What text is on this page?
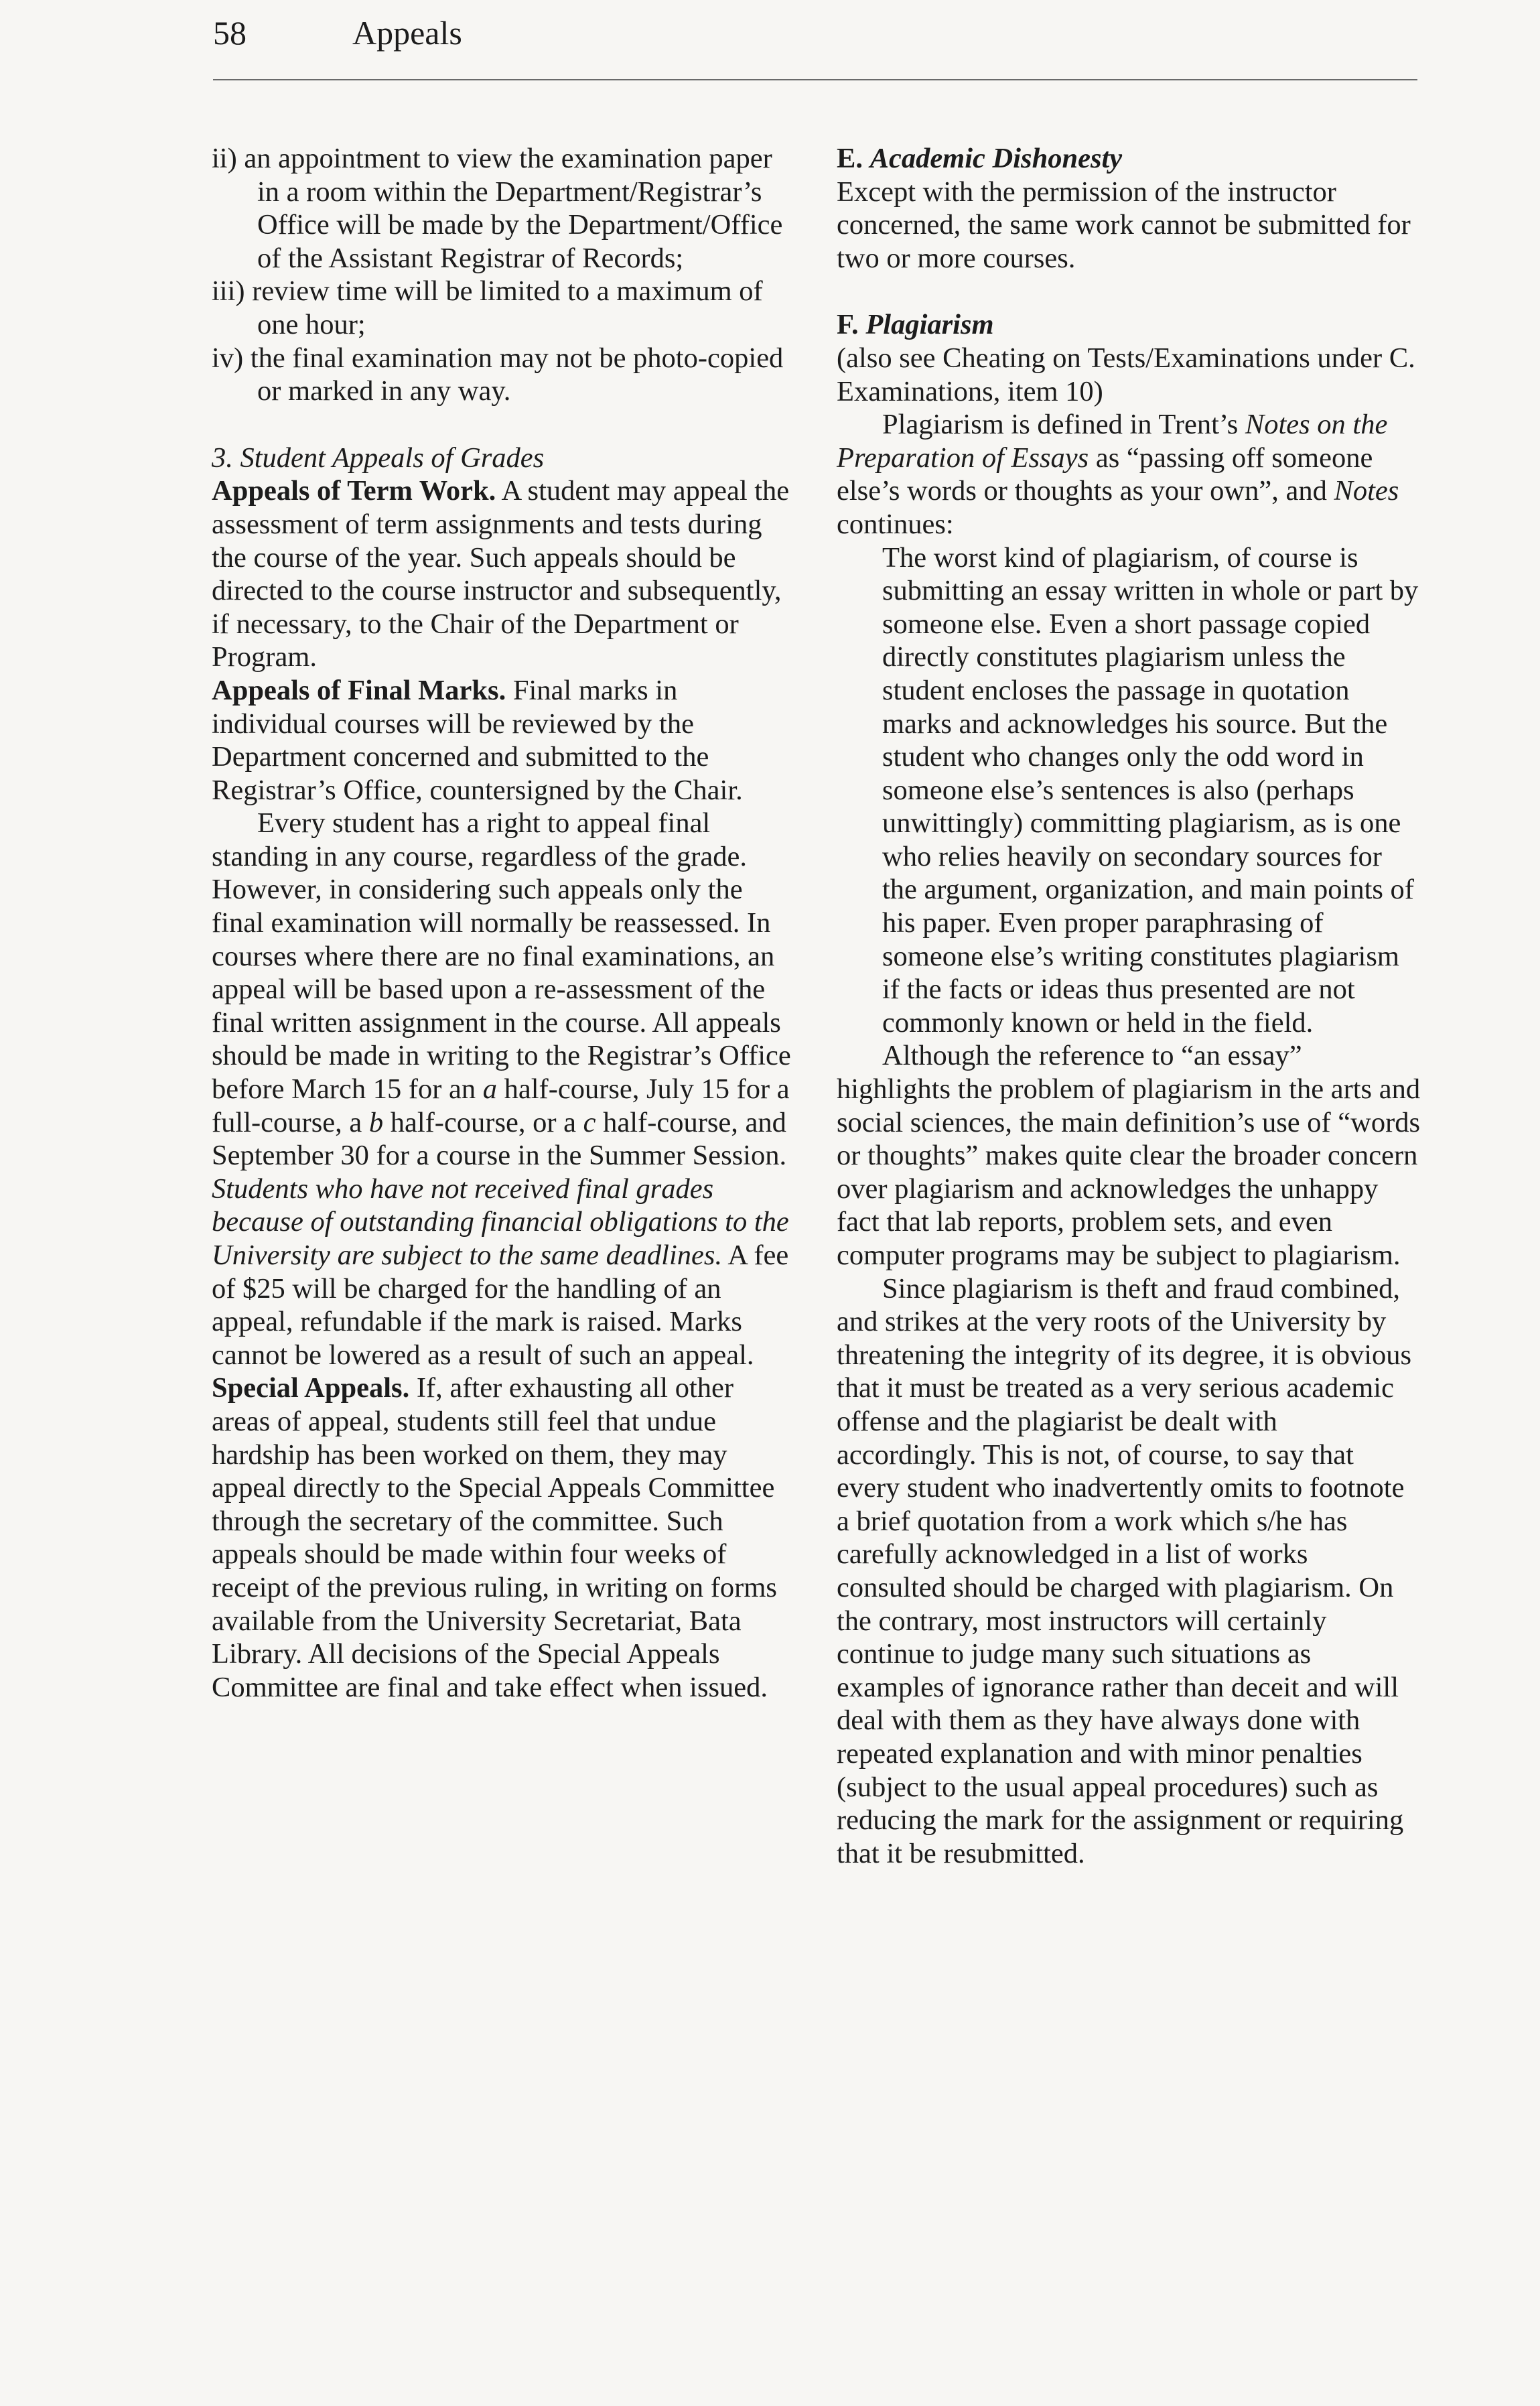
58	Appeals

ii) an appointment to view the examination paper in a room within the Department/Registrar’s Office will be made by the Department/Office of the Assistant Registrar of Records;

iii) review time will be limited to a maximum of one hour;

iv) the final examination may not be photo-copied or marked in any way.

3. Student Appeals of Grades

Appeals of Term Work. A student may appeal the assessment of term assignments and tests during the course of the year. Such appeals should be directed to the course instructor and subsequently, if necessary, to the Chair of the Department or Program.

Appeals of Final Marks. Final marks in individual courses will be reviewed by the Department concerned and submitted to the Registrar’s Office, countersigned by the Chair.

Every student has a right to appeal final standing in any course, regardless of the grade. However, in considering such appeals only the final examination will normally be reassessed. In courses where there are no final examinations, an appeal will be based upon a re-assessment of the final written assignment in the course. All appeals should be made in writing to the Registrar’s Office before March 15 for an a half-course, July 15 for a full-course, a b half-course, or a c half-course, and September 30 for a course in the Summer Session. Students who have not received final grades because of outstanding financial obligations to the University are subject to the same deadlines. A fee of $25 will be charged for the handling of an appeal, refundable if the mark is raised. Marks cannot be lowered as a result of such an appeal.

Special Appeals. If, after exhausting all other areas of appeal, students still feel that undue hardship has been worked on them, they may appeal directly to the Special Appeals Committee through the secretary of the committee. Such appeals should be made within four weeks of receipt of the previous ruling, in writing on forms available from the University Secretariat, Bata Library. All decisions of the Special Appeals Committee are final and take effect when issued.

E. Academic Dishonesty

Except with the permission of the instructor concerned, the same work cannot be submitted for two or more courses.

F. Plagiarism

(also see Cheating on Tests/Examinations under C. Examinations, item 10)

Plagiarism is defined in Trent’s Notes on the Preparation of Essays as “passing off someone else’s words or thoughts as your own”, and Notes continues:

The worst kind of plagiarism, of course is submitting an essay written in whole or part by someone else. Even a short passage copied directly constitutes plagiarism unless the student encloses the passage in quotation marks and acknowledges his source. But the student who changes only the odd word in someone else’s sentences is also (perhaps unwittingly) committing plagiarism, as is one who relies heavily on secondary sources for the argument, organization, and main points of his paper. Even proper paraphrasing of someone else’s writing constitutes plagiarism if the facts or ideas thus presented are not commonly known or held in the field.

Although the reference to “an essay” highlights the problem of plagiarism in the arts and social sciences, the main definition’s use of “words or thoughts” makes quite clear the broader concern over plagiarism and acknowledges the unhappy fact that lab reports, problem sets, and even computer programs may be subject to plagiarism.

Since plagiarism is theft and fraud combined, and strikes at the very roots of the University by threatening the integrity of its degree, it is obvious that it must be treated as a very serious academic offense and the plagiarist be dealt with accordingly. This is not, of course, to say that every student who inadvertently omits to footnote a brief quotation from a work which s/he has carefully acknowledged in a list of works consulted should be charged with plagiarism. On the contrary, most instructors will certainly continue to judge many such situations as examples of ignorance rather than deceit and will deal with them as they have always done with repeated explanation and with minor penalties (subject to the usual appeal procedures) such as reducing the mark for the assignment or requiring that it be resubmitted.
